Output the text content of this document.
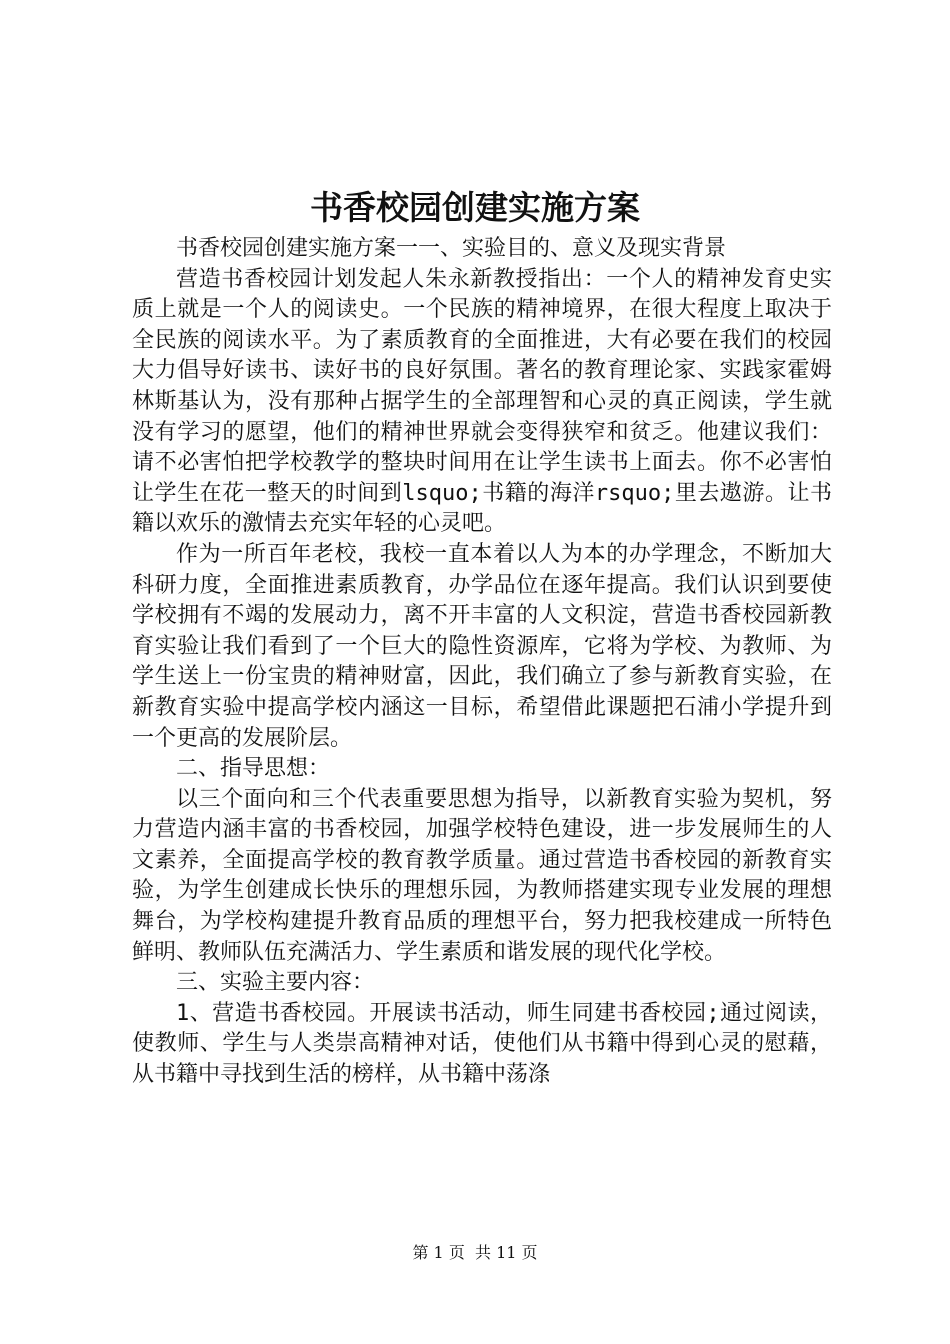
书香校园创建实施方案

书香校园创建实施方案一一、实验目的、意义及现实背景

营造书香校园计划发起人朱永新教授指出：一个人的精神发育史实质上就是一个人的阅读史。一个民族的精神境界，在很大程度上取决于全民族的阅读水平。为了素质教育的全面推进，大有必要在我们的校园大力倡导好读书、读好书的良好氛围。著名的教育理论家、实践家霍姆林斯基认为，没有那种占据学生的全部理智和心灵的真正阅读，学生就没有学习的愿望，他们的精神世界就会变得狭窄和贫乏。他建议我们：请不必害怕把学校教学的整块时间用在让学生读书上面去。你不必害怕让学生在花一整天的时间到lsquo;书籍的海洋rsquo;里去遨游。让书籍以欢乐的激情去充实年轻的心灵吧。

作为一所百年老校，我校一直本着以人为本的办学理念，不断加大科研力度，全面推进素质教育，办学品位在逐年提高。我们认识到要使学校拥有不竭的发展动力，离不开丰富的人文积淀，营造书香校园新教育实验让我们看到了一个巨大的隐性资源库，它将为学校、为教师、为学生送上一份宝贵的精神财富，因此，我们确立了参与新教育实验，在新教育实验中提高学校内涵这一目标，希望借此课题把石浦小学提升到一个更高的发展阶层。

二、指导思想：

以三个面向和三个代表重要思想为指导，以新教育实验为契机，努力营造内涵丰富的书香校园，加强学校特色建设，进一步发展师生的人文素养，全面提高学校的教育教学质量。通过营造书香校园的新教育实验，为学生创建成长快乐的理想乐园，为教师搭建实现专业发展的理想舞台，为学校构建提升教育品质的理想平台，努力把我校建成一所特色鲜明、教师队伍充满活力、学生素质和谐发展的现代化学校。

三、实验主要内容：

1、营造书香校园。开展读书活动，师生同建书香校园;通过阅读，使教师、学生与人类崇高精神对话，使他们从书籍中得到心灵的慰藉，从书籍中寻找到生活的榜样，从书籍中荡涤

第 1 页  共 11 页
